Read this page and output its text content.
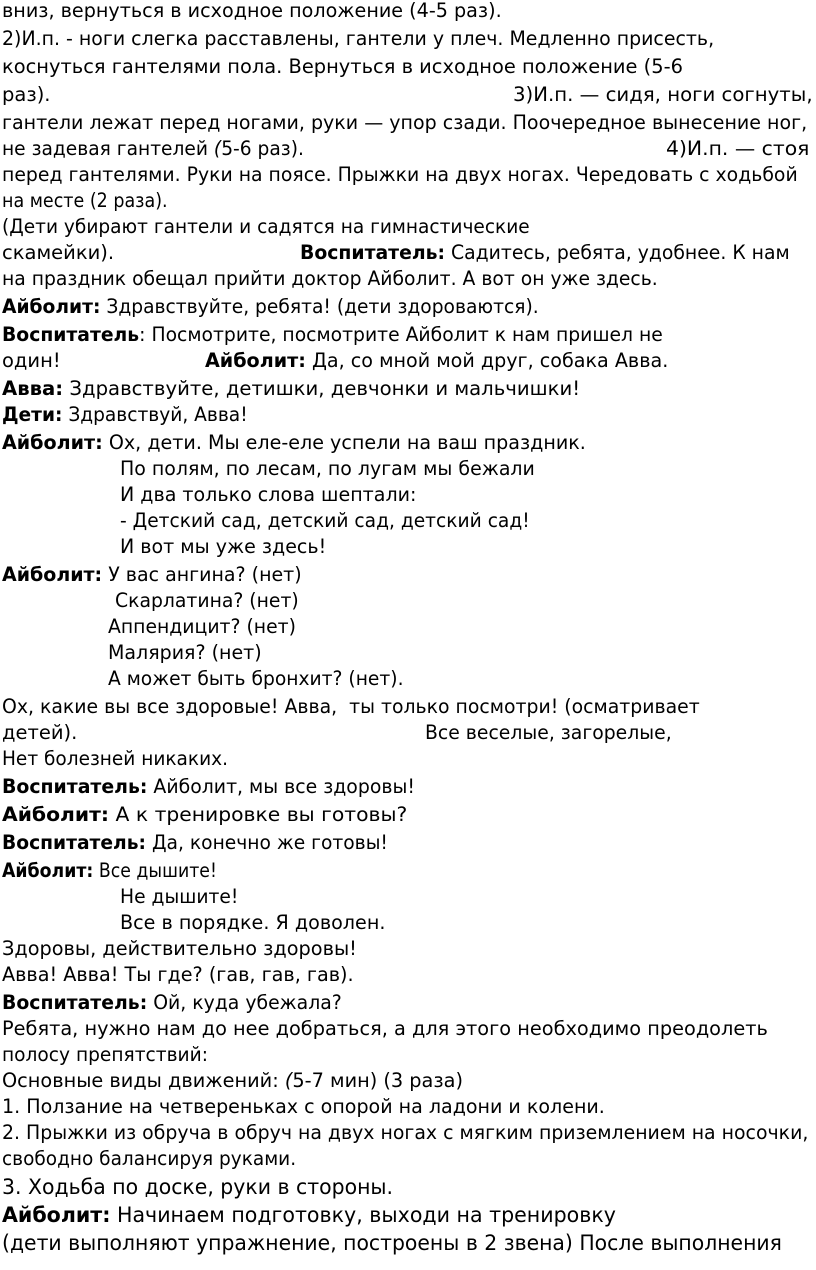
вниз, вернуться в исходное положение (4-5 раз).
2)И.п. - ноги слегка расставлены, гантели у плеч. Медленно присесть,
коснуться гантелями пола. Вернуться в исходное положение (5-6
раз).	3)И.п. — сидя, ноги согнуты,
гантели лежат перед ногами, руки — упор сзади. Поочередное вынесение ног,
не задевая гантелей (5-6 раз).	4)И.п. — стоя
перед гантелями. Руки на поясе. Прыжки на двух ногах. Чередовать с ходьбой
на месте (2 раза).
(Дети убирают гантели и садятся на гимнастические
скамейки).	Воспитатель: Садитесь, ребята, удобнее. К нам
на праздник обещал прийти доктор Айболит. А вот он уже здесь.
Айболит: Здравствуйте, ребята! (дети здороваются).
Воспитатель: Посмотрите, посмотрите Айболит к нам пришел не
один!	Айболит: Да, со мной мой друг, собака Авва.
Авва: Здравствуйте, детишки, девчонки и мальчишки!
Дети: Здравствуй, Авва!
Айболит: Ох, дети. Мы еле-еле успели на ваш праздник.
По полям, по лесам, по лугам мы бежали
И два только слова шептали:
- Детский сад, детский сад, детский сад!
И вот мы уже здесь!
Айболит: У вас ангина? (нет)
Скарлатина? (нет)
Аппендицит? (нет)
Малярия? (нет)
А может быть бронхит? (нет).
Ох, какие вы все здоровые! Авва,  ты только посмотри! (осматривает
детей).	Все веселые, загорелые,
Нет болезней никаких.
Воспитатель: Айболит, мы все здоровы!
Айболит: А к тренировке вы готовы?
Воспитатель: Да, конечно же готовы!
Айболит: Все дышите!
Не дышите!
Все в порядке. Я доволен.
Здоровы, действительно здоровы!
Авва! Авва! Ты где? (гав, гав, гав).
Воспитатель: Ой, куда убежала?
Ребята, нужно нам до нее добраться, а для этого необходимо преодолеть
полосу препятствий:
Основные виды движений: (5-7 мин) (3 раза)
1. Ползание на четвереньках с опорой на ладони и колени.
2. Прыжки из обруча в обруч на двух ногах с мягким приземлением на носочки,
свободно балансируя руками.
3. Ходьба по доске, руки в стороны.
Айболит: Начинаем подготовку, выходи на тренировку
(дети выполняют упражнение, построены в 2 звена) После выполнения
